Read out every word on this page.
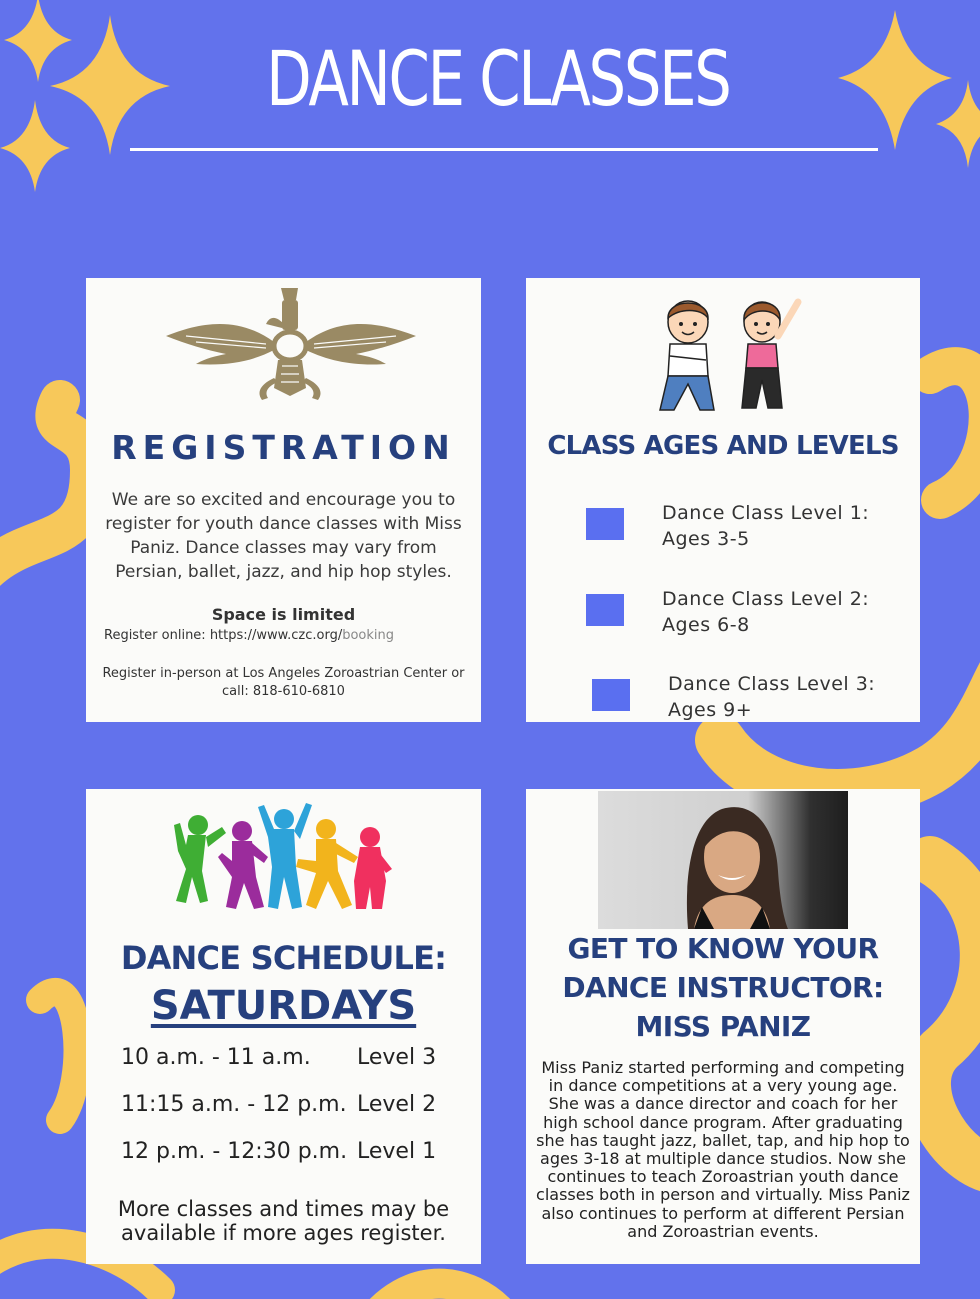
DANCE CLASSES
REGISTRATION
We are so excited and encourage you to register for youth dance classes with Miss Paniz. Dance classes may vary from Persian, ballet, jazz, and hip hop styles.
Space is limited
Register online: https://www.czc.org/booking
Register in-person at Los Angeles Zoroastrian Center or call: 818-610-6810
CLASS AGES AND LEVELS
Dance Class Level 1:
Ages 3-5
Dance Class Level 2:
Ages 6-8
Dance Class Level 3:
Ages 9+
DANCE SCHEDULE:
SATURDAYS
10 a.m. - 11 a.m. Level 3
11:15 a.m. - 12 p.m. Level 2
12 p.m. - 12:30 p.m. Level 1
More classes and times may be available if more ages register.
GET TO KNOW YOUR
DANCE INSTRUCTOR:
MISS PANIZ
Miss Paniz started performing and competing in dance competitions at a very young age. She was a dance director and coach for her high school dance program. After graduating she has taught jazz, ballet, tap, and hip hop to ages 3-18 at multiple dance studios. Now she continues to teach Zoroastrian youth dance classes both in person and virtually. Miss Paniz also continues to perform at different Persian and Zoroastrian events.
